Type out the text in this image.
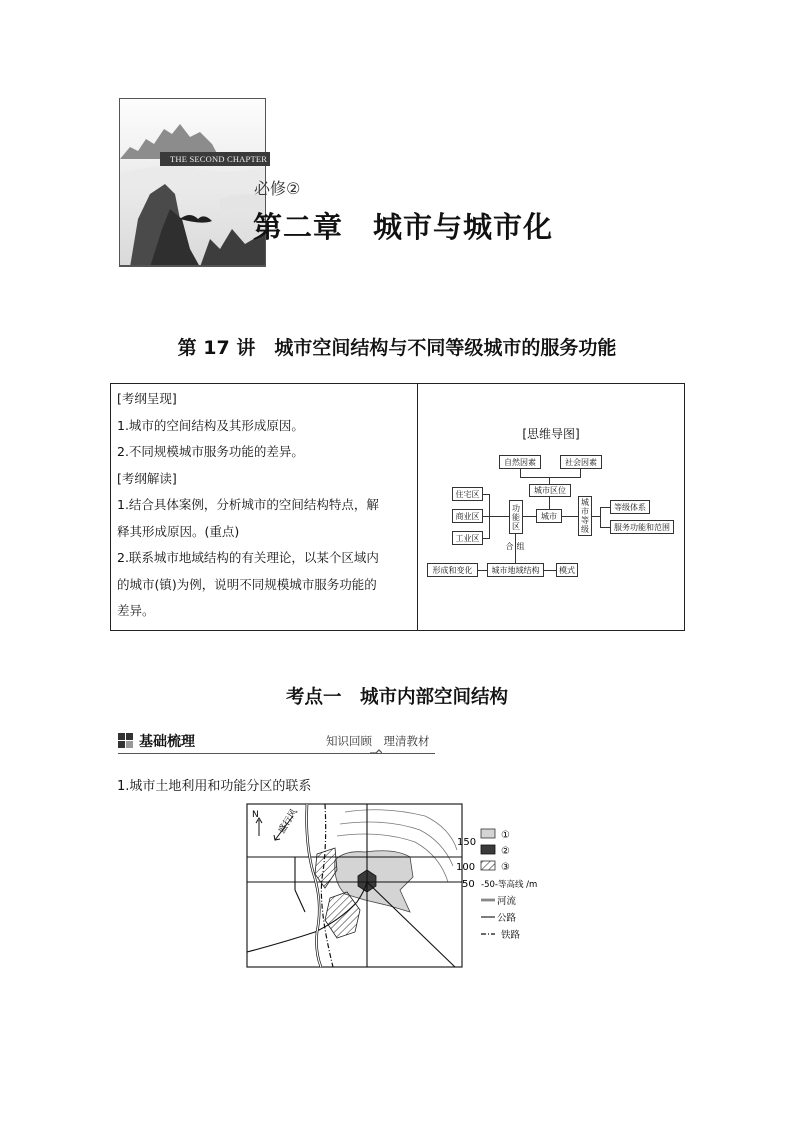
THE SECOND CHAPTER
必修②
第二章　城市与城市化
第 17 讲　城市空间结构与不同等级城市的服务功能
[考纲呈现]
1.城市的空间结构及其形成原因。
2.不同规模城市服务功能的差异。
[考纲解读]
1.结合具体案例，分析城市的空间结构特点，解
释其形成原因。(重点)
2.联系城市地域结构的有关理论，以某个区域内
的城市(镇)为例，说明不同规模城市服务功能的
差异。
[思维导图]
自然因素	社会因素
城市区位
住宅区
商业区
工业区
功能区	城市	城市等级	等级体系
服务功能和范围
组合
形成和变化	城市地域结构	模式
考点一　城市内部空间结构
基础梳理	知识回顾　理清教材
1.城市土地利用和功能分区的联系
N
150
100
50
①
②
③
-50-等高线 /m
河流
公路
铁路
